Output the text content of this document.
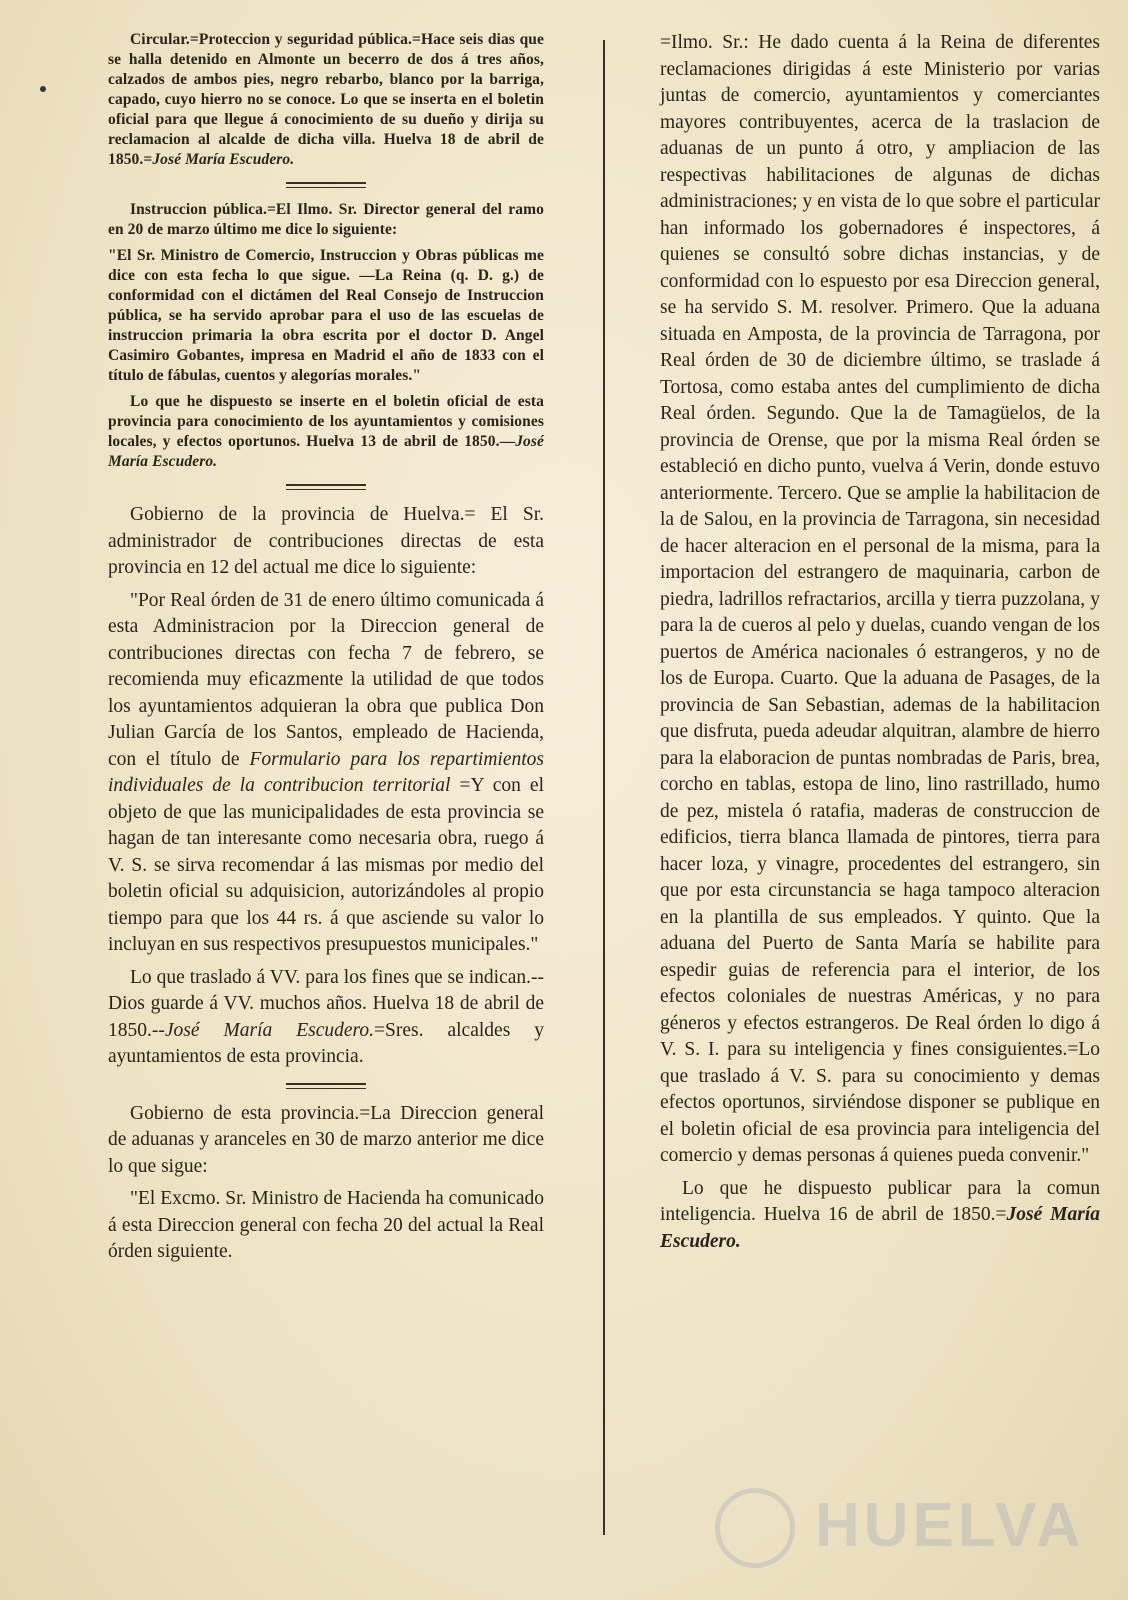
Circular.=Proteccion y seguridad pública.=Hace seis dias que se halla detenido en Almonte un becerro de dos á tres años, calzados de ambos pies, negro rebarbo, blanco por la barriga, capado, cuyo hierro no se conoce. Lo que se inserta en el boletin oficial para que llegue á conocimiento de su dueño y dirija su reclamacion al alcalde de dicha villa. Huelva 18 de abril de 1850.=José María Escudero.

Instruccion pública.=El Ilmo. Sr. Director general del ramo en 20 de marzo último me dice lo siguiente:

"El Sr. Ministro de Comercio, Instruccion y Obras públicas me dice con esta fecha lo que sigue. —La Reina (q. D. g.) de conformidad con el dictámen del Real Consejo de Instruccion pública, se ha servido aprobar para el uso de las escuelas de instruccion primaria la obra escrita por el doctor D. Angel Casimiro Gobantes, impresa en Madrid el año de 1833 con el título de fábulas, cuentos y alegorías morales."

Lo que he dispuesto se inserte en el boletin oficial de esta provincia para conocimiento de los ayuntamientos y comisiones locales, y efectos oportunos. Huelva 13 de abril de 1850.—José María Escudero.

Gobierno de la provincia de Huelva.= El Sr. administrador de contribuciones directas de esta provincia en 12 del actual me dice lo siguiente:

"Por Real órden de 31 de enero último comunicada á esta Administracion por la Direccion general de contribuciones directas con fecha 7 de febrero, se recomienda muy eficazmente la utilidad de que todos los ayuntamientos adquieran la obra que publica Don Julian García de los Santos, empleado de Hacienda, con el título de Formulario para los repartimientos individuales de la contribucion territorial =Y con el objeto de que las municipalidades de esta provincia se hagan de tan interesante como necesaria obra, ruego á V. S. se sirva recomendar á las mismas por medio del boletin oficial su adquisicion, autorizándoles al propio tiempo para que los 44 rs. á que asciende su valor lo incluyan en sus respectivos presupuestos municipales."

Lo que traslado á VV. para los fines que se indican.--Dios guarde á VV. muchos años. Huelva 18 de abril de 1850.--José María Escudero.=Sres. alcaldes y ayuntamientos de esta provincia.

Gobierno de esta provincia.=La Direccion general de aduanas y aranceles en 30 de marzo anterior me dice lo que sigue:

"El Excmo. Sr. Ministro de Hacienda ha comunicado á esta Direccion general con fecha 20 del actual la Real órden siguiente.

=Ilmo. Sr.: He dado cuenta á la Reina de diferentes reclamaciones dirigidas á este Ministerio por varias juntas de comercio, ayuntamientos y comerciantes mayores contribuyentes, acerca de la traslacion de aduanas de un punto á otro, y ampliacion de las respectivas habilitaciones de algunas de dichas administraciones; y en vista de lo que sobre el particular han informado los gobernadores é inspectores, á quienes se consultó sobre dichas instancias, y de conformidad con lo espuesto por esa Direccion general, se ha servido S. M. resolver. Primero. Que la aduana situada en Amposta, de la provincia de Tarragona, por Real órden de 30 de diciembre último, se traslade á Tortosa, como estaba antes del cumplimiento de dicha Real órden. Segundo. Que la de Tamagüelos, de la provincia de Orense, que por la misma Real órden se estableció en dicho punto, vuelva á Verin, donde estuvo anteriormente. Tercero. Que se amplie la habilitacion de la de Salou, en la provincia de Tarragona, sin necesidad de hacer alteracion en el personal de la misma, para la importacion del estrangero de maquinaria, carbon de piedra, ladrillos refractarios, arcilla y tierra puzzolana, y para la de cueros al pelo y duelas, cuando vengan de los puertos de América nacionales ó estrangeros, y no de los de Europa. Cuarto. Que la aduana de Pasages, de la provincia de San Sebastian, ademas de la habilitacion que disfruta, pueda adeudar alquitran, alambre de hierro para la elaboracion de puntas nombradas de Paris, brea, corcho en tablas, estopa de lino, lino rastrillado, humo de pez, mistela ó ratafia, maderas de construccion de edificios, tierra blanca llamada de pintores, tierra para hacer loza, y vinagre, procedentes del estrangero, sin que por esta circunstancia se haga tampoco alteracion en la plantilla de sus empleados. Y quinto. Que la aduana del Puerto de Santa María se habilite para espedir guias de referencia para el interior, de los efectos coloniales de nuestras Américas, y no para géneros y efectos estrangeros. De Real órden lo digo á V. S. I. para su inteligencia y fines consiguientes.=Lo que traslado á V. S. para su conocimiento y demas efectos oportunos, sirviéndose disponer se publique en el boletin oficial de esa provincia para inteligencia del comercio y demas personas á quienes pueda convenir."

Lo que he dispuesto publicar para la comun inteligencia. Huelva 16 de abril de 1850.=José María Escudero.

HUELVA
